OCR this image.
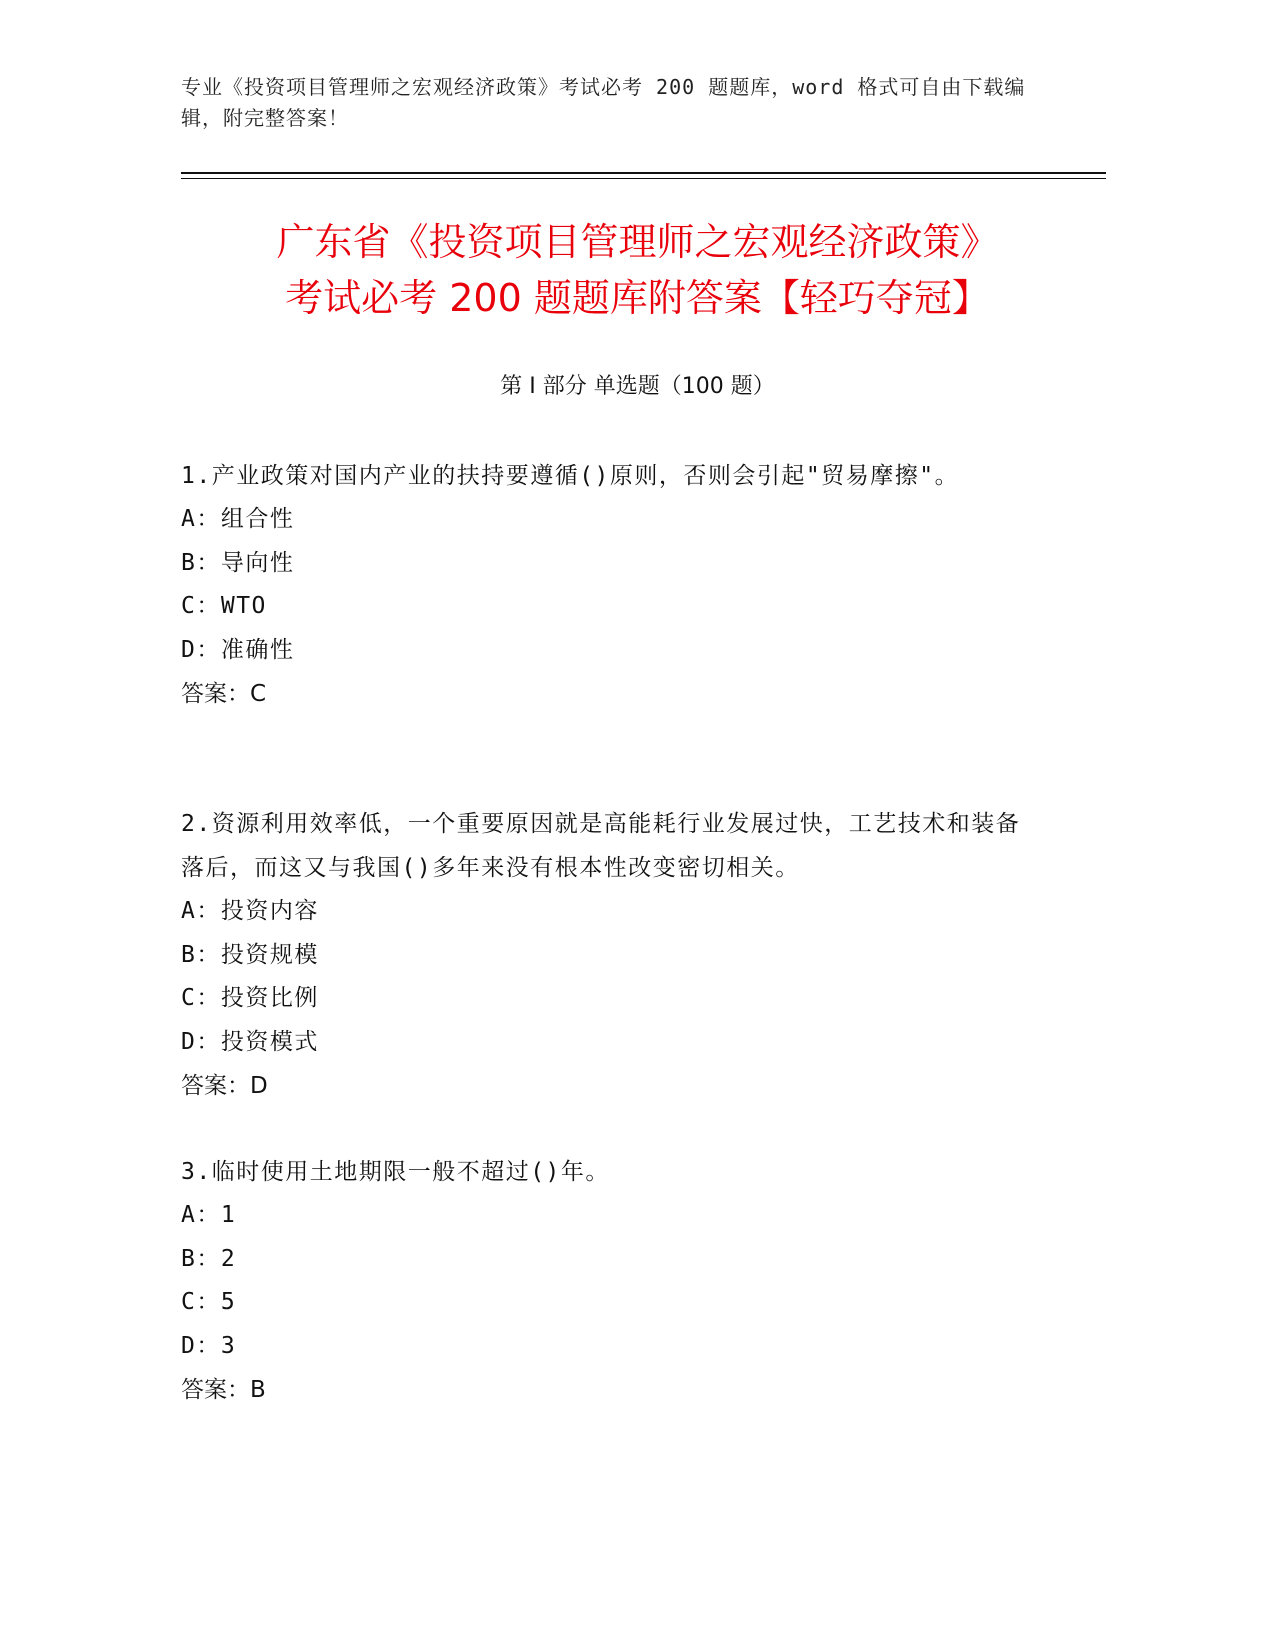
专业《投资项目管理师之宏观经济政策》考试必考 200 题题库，word 格式可自由下载编辑，附完整答案！
广东省《投资项目管理师之宏观经济政策》
考试必考 200 题题库附答案【轻巧夺冠】
第 I 部分 单选题（100 题）

1.产业政策对国内产业的扶持要遵循()原则，否则会引起"贸易摩擦"。

A：组合性

B：导向性

C：WTO

D：准确性

答案：C

2.资源利用效率低，一个重要原因就是高能耗行业发展过快，工艺技术和装备落后，而这又与我国()多年来没有根本性改变密切相关。

A：投资内容

B：投资规模

C：投资比例

D：投资模式

答案：D

3.临时使用土地期限一般不超过()年。

A：1

B：2

C：5

D：3

答案：B
